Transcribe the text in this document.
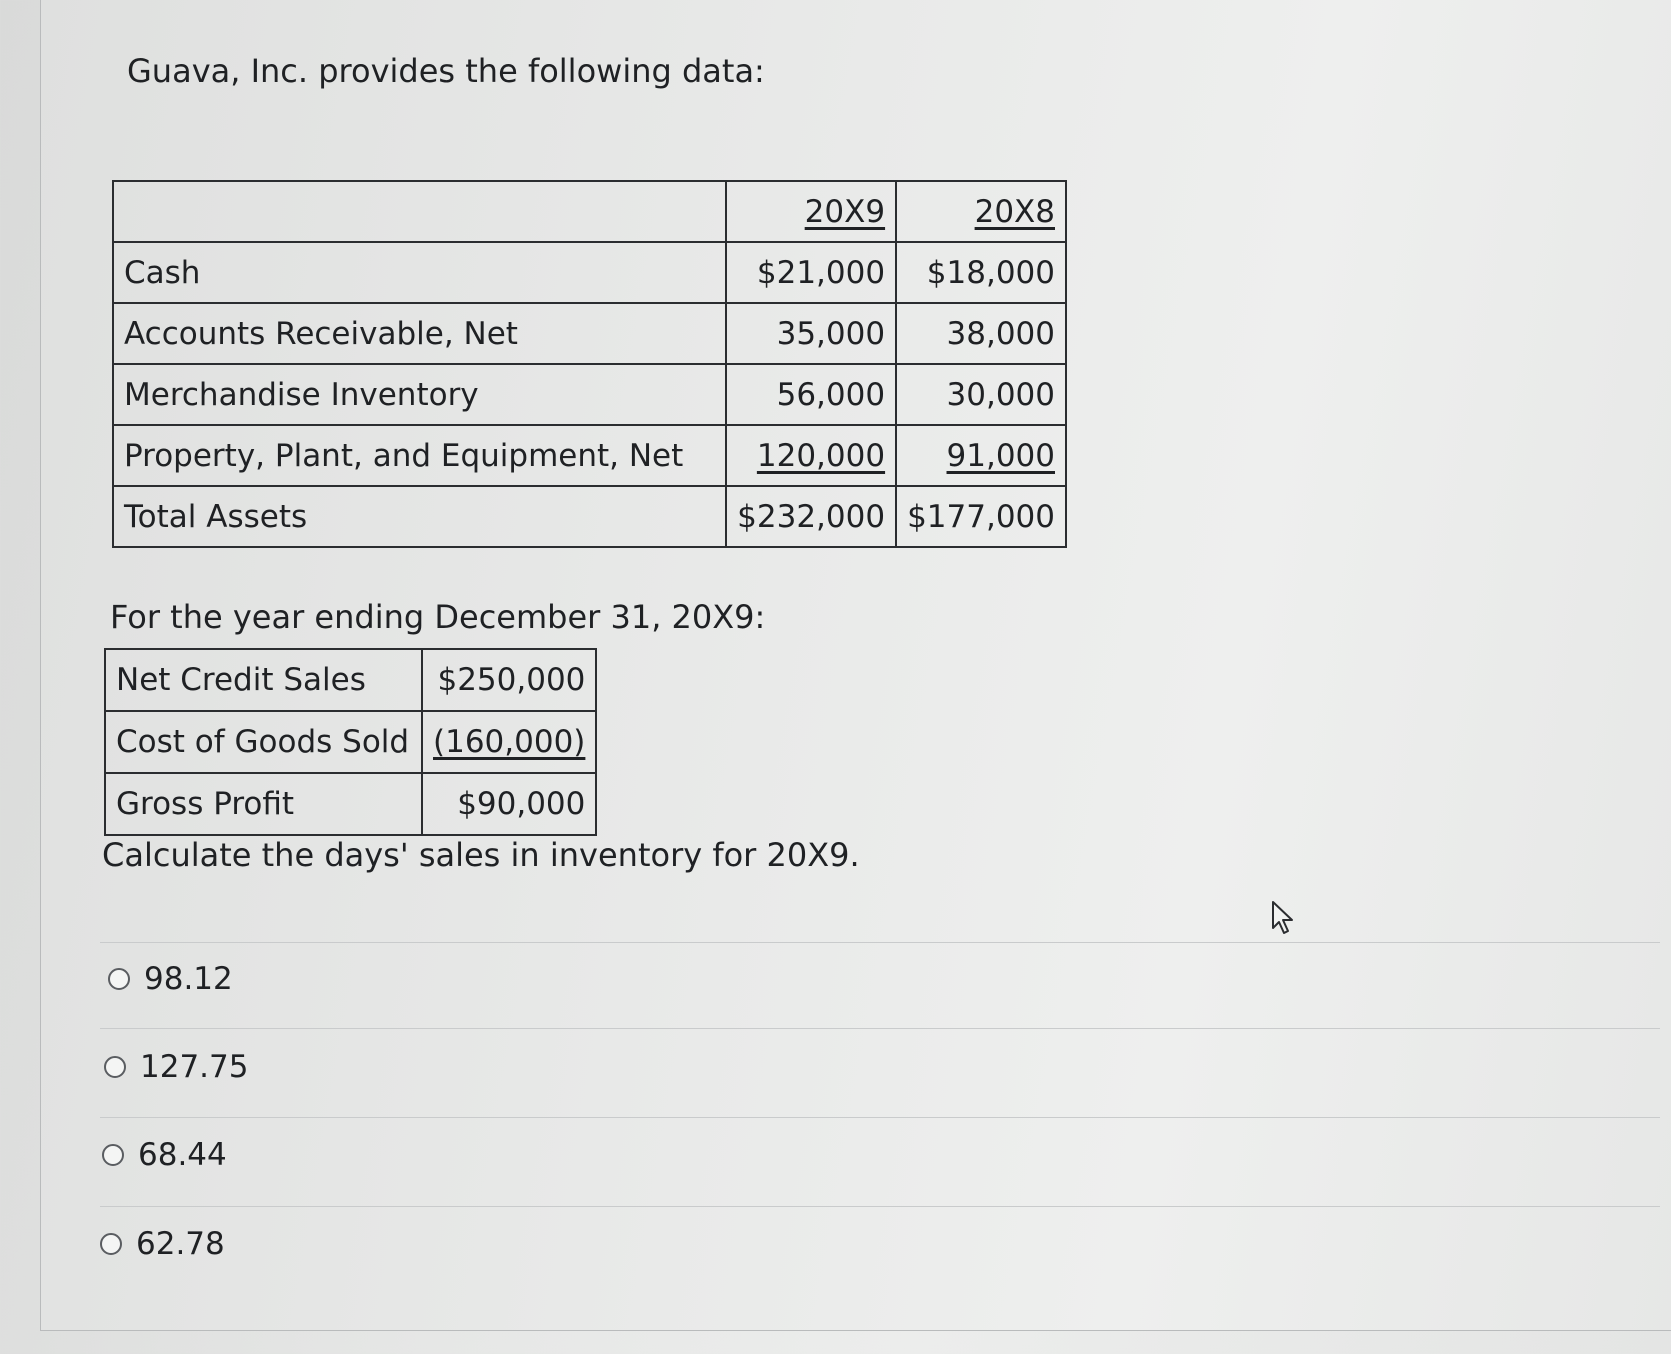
Guava, Inc. provides the following data:
	20X9	20X8
Cash	$21,000	$18,000
Accounts Receivable, Net	35,000	38,000
Merchandise Inventory	56,000	30,000
Property, Plant, and Equipment, Net	120,000	91,000
Total Assets	$232,000	$177,000

For the year ending December 31, 20X9:

Net Credit Sales	$250,000
Cost of Goods Sold	(160,000)
Gross Profit	$90,000

Calculate the days' sales in inventory for 20X9.

98.12
127.75
68.44
62.78
